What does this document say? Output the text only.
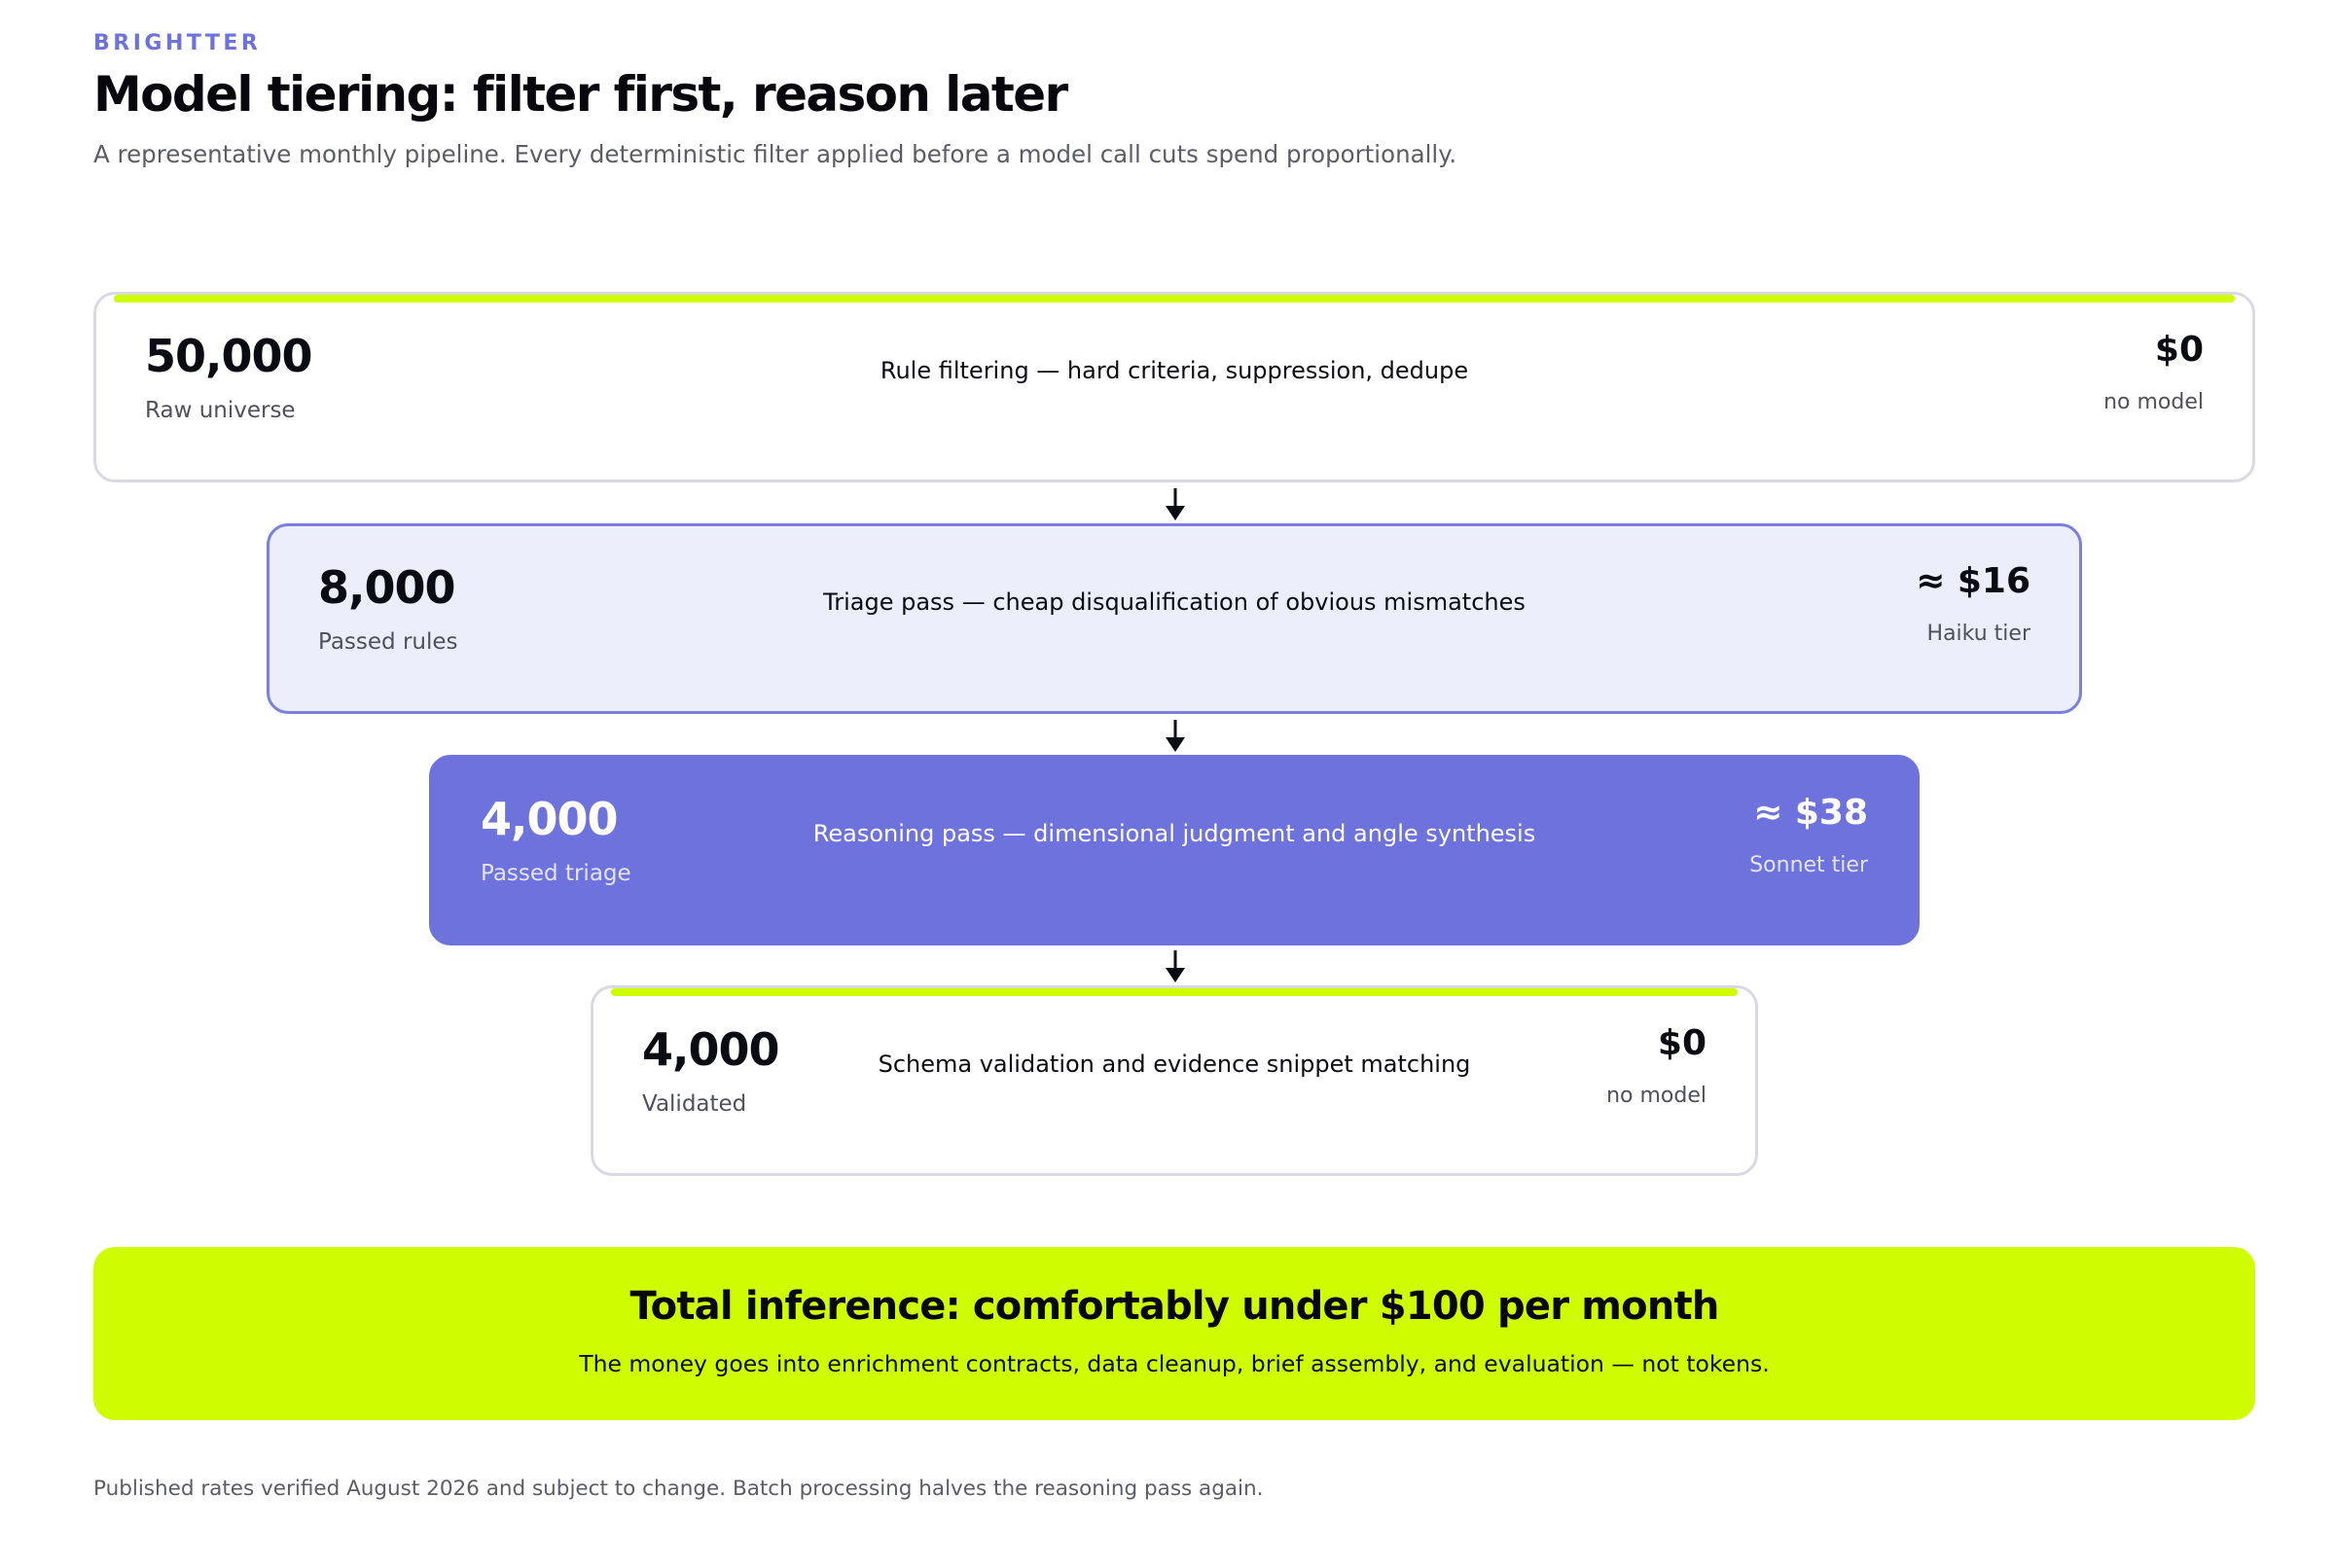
BRIGHTTER
Model tiering: filter first, reason later
A representative monthly pipeline. Every deterministic filter applied before a model call cuts spend proportionally.
50,000
Raw universe
Rule filtering — hard criteria, suppression, dedupe
$0
no model
8,000
Passed rules
Triage pass — cheap disqualification of obvious mismatches
≈ $16
Haiku tier
4,000
Passed triage
Reasoning pass — dimensional judgment and angle synthesis
≈ $38
Sonnet tier
4,000
Validated
Schema validation and evidence snippet matching
$0
no model
Total inference: comfortably under $100 per month
The money goes into enrichment contracts, data cleanup, brief assembly, and evaluation — not tokens.
Published rates verified August 2026 and subject to change. Batch processing halves the reasoning pass again.
